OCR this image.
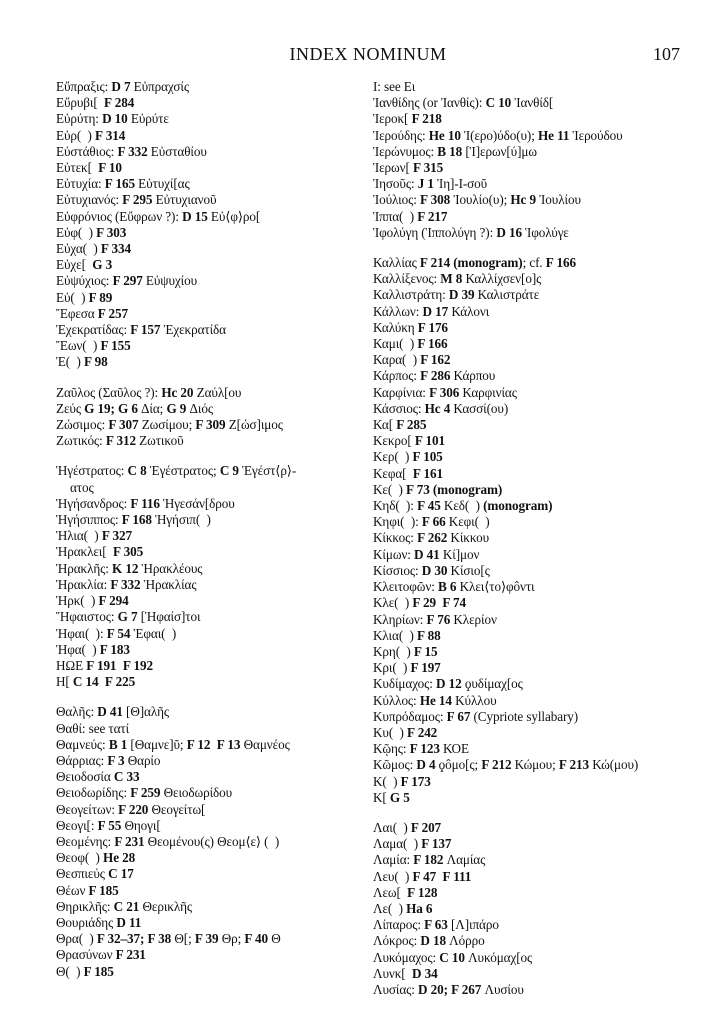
INDEX NOMINUM	107
Εὔπραξις: D 7 Εὐπραχσίς
Εὔρυβι[  F 284
Εὐρύτη: D 10 Εὐρύτε
Εὐρ(  ) F 314
Εὐστάθιος: F 332 Εὐσταθίου
Εὐτεκ[  F 10
Εὐτυχία: F 165 Εὐτυχί[ας
Εὐτυχιανός: F 295 Εὐτυχιανοῦ
Εὐφρόνιος (Εὔφρων ?): D 15 Εὐ⟨φ⟩ρο[
Εὐφ(  ) F 303
Εὐχα(  ) F 334
Εὐχε[  G 3
Εὐψύχιος: F 297 Εὐψυχίου
Εὐ(  ) F 89
Ἔφεσα F 257
Ἐχεκρατίδας: F 157 Ἐχεκρατίδα
Ἔων(  ) F 155
Ἐ(  ) F 98
Ζαῦλος (Σαῦλος ?): Hc 20 Ζαύλ[ου
Ζεύς G 19; G 6 Δία; G 9 Διός
Ζώσιμος: F 307 Ζωσίμου; F 309 Ζ[ώσ]ιμος
Ζωτικός: F 312 Ζωτικοῦ
Ἡγέστρατος: C 8 Ἑγέστρατος; C 9 Ἑγέστ⟨ρ⟩-
ατος
Ἡγήσανδρος: F 116 Ἡγεσάν[δρου
Ἡγήσιππος: F 168 Ἡγήσιπ(  )
Ἡλια(  ) F 327
Ἡρακλει[  F 305
Ἡρακλῆς: K 12 Ἡρακλέους
Ἡρακλία: F 332 Ἡρακλίας
Ἡρκ(  ) F 294
Ἥφαιστος: G 7 [Ἡφαίσ]τοι
Ἡφαι(  ): F 54 Ἑφαι(  )
Ἡφα(  ) F 183
ΗΩΕ F 191  F 192
Η[ C 14  F 225
Θαλῆς: D 41 [Θ]αλῆς
Θαθί: see τατί
Θαμνεύς: B 1 [Θαμνε]ῦ; F 12  F 13 Θαμνέος
Θάρριας: F 3 Θαρίο
Θειοδοσία C 33
Θειοδωρίδης: F 259 Θειοδωρίδου
Θεογείτων: F 220 Θεογείτω[
Θεογι[: F 55 Θηογι[
Θεομένης: F 231 Θεομένου(ς) Θεομ⟨ε⟩ (  )
Θεοφ(  ) He 28
Θεσπιεύς C 17
Θέων F 185
Θηρικλῆς: C 21 Θερικλῆς
Θουριάδης D 11
Θρα(  ) F 32–37; F 38 Θ[; F 39 Θρ; F 40 Θ
Θρασύνων F 231
Θ(  ) F 185
Ι: see Ει
Ἰανθίδης (or Ἰανθίς): C 10 Ἰανθίδ[
Ἱεροκ[ F 218
Ἱερούδης: He 10 Ἱ(ερο)ύδο(υ); He 11 Ἱερούδου
Ἱερώνυμος: B 18 [Ἱ]ερων[ύ]μω
Ἱερων[ F 315
Ἰησοῦς: J 1 Ἰη]-Ι-σοῦ
Ἰούλιος: F 308 Ἰουλίο(υ); Hc 9 Ἰουλίου
Ἱππα(  ) F 217
Ἱφολύγη (Ἱππολύγη ?): D 16 Ἱφολύγε
Καλλίας F 214 (monogram); cf. F 166
Καλλίξενος: M 8 Καλλίχσεν[ο]ς
Καλλιστράτη: D 39 Καλιστράτε
Κάλλων: D 17 Κάλονι
Καλύκη F 176
Καμι(  ) F 166
Καρα(  ) F 162
Κάρπος: F 286 Κάρπου
Καρφίνια: F 306 Καρφινίας
Κάσσιος: Hc 4 Κασσί(ου)
Κα[ F 285
Κεκρο[ F 101
Κερ(  ) F 105
Κεφα[  F 161
Κε(  ) F 73 (monogram)
Κηδ(  ): F 45 Κεδ(  ) (monogram)
Κηφι(  ): F 66 Κεφι(  )
Κίκκος: F 262 Κίκκου
Κίμων: D 41 Κί]μον
Κίσσιος: D 30 Κίσιο[ς
Κλειτοφῶν: B 6 Κλει⟨το⟩φôντι
Κλε(  ) F 29  F 74
Κληρίων: F 76 Κλερίον
Κλια(  ) F 88
Κρη(  ) F 15
Κρι(  ) F 197
Κυδίμαχος: D 12 ϙυδίμαχ[ος
Κύλλος: He 14 Κύλλου
Κυπρόδαμος: F 67 (Cypriote syllabary)
Κυ(  ) F 242
Κῷης: F 123 ΚΟΕ
Κῶμος: D 4 ϙôμο[ς; F 212 Κώμου; F 213 Κώ(μου)
Κ(  ) F 173
Κ[ G 5
Λαι(  ) F 207
Λαμα(  ) F 137
Λαμία: F 182 Λαμίας
Λευ(  ) F 47  F 111
Λεω[  F 128
Λε(  ) Ha 6
Λίπαρος: F 63 [Λ]ιπάρο
Λόκρος: D 18 Λόρρο
Λυκόμαχος: C 10 Λυκόμαχ[ος
Λυνκ[  D 34
Λυσίας: D 20; F 267 Λυσίου
